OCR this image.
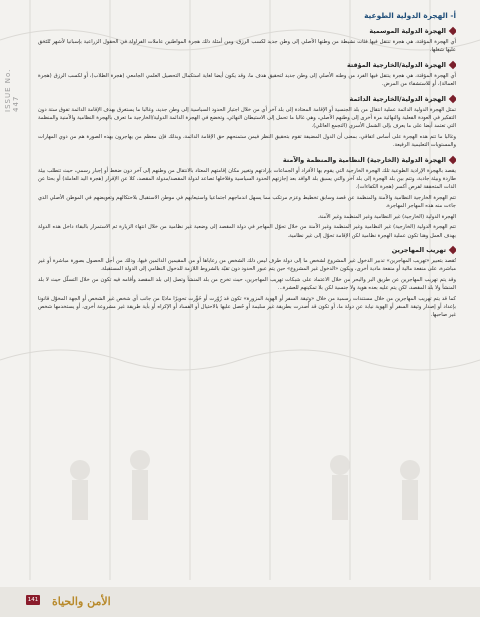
ISSUE No. 447
أ- الهجرة الدولية الطوعية
الهجرة الدولية الموسمية

أي الهجرة المؤقتة، هي هجرة تنتقل فيها فئات نشيطة من وطنها الأصلي إلى وطن جديد لكسب الرزق، ومن أمثلة ذلك هجرة المواطنين عاملات الفراولة في الحقول الزراعية بإسبانيا لأشهر تُلتَحَق عليها شغلها.

الهجرة الدولية/الخارجية المؤقتة

أي الهجرة المؤقتة، هي هجرة ينتقل فيها الفرد من وطنه الأصلي إلى وطن جديد لتحقيق هدف ما، وقد يكون أيضا لغاية استكمال التحصيل العلمي الجامعي (هجرة الطلاب)، أو لكسب الرزق (هجرة العمالة)، أو للاستشفاء من المرض.

الهجرة الدولية/الخارجية الدائمة

تمثل الهجرة الدولية الدائمة عملية انتقال من بلد الجنسية أو الإقامة المعتادة إلى بلد آخر أي من خلال اجتياز الحدود السياسية إلى وطن جديد، وغالبا ما يستغرق بهدف الإقامة الدائمة تفوق ستة دون التفكير في العودة الفعلية والنهائية مرة أخرى إلى وطنهم الأصلي، وهي غالبا ما تحمل إلى الاستيطان النهائي، وتخضع في الهجرة الدائمة الدولية/الخارجية ما تعرف بالهجرة النظامية والأمنية والمنظمة التي تعتمد أيضا على ما يعرف بإلى الشمل الأسري (التجمع العائلي).

وغالبا ما تتم هذه الهجرة على أساس اتفاقي، بمعنى أن الدول المضيفة تقوم بتحقيق النظر فيمن ستمنحهم حق الإقامة الدائمة، وبذلك فإن معظم من يهاجرون بهذه الصورة هم من ذوي المهارات والمستويات التعليمية الرفيعة.

الهجرة الدولية (الخارجية) النظامية والمنظمة والآمنة

يقصد بالهجرة الإرادية الطوعية تلك الهجرة الخارجية التي يقوم بها الأفراد أو الجماعات بإرادتهم وتغيير مكان إقامتهم المعتاد بالانتقال من وطنهم إلى آخر دون ضغط أو إجبار رسمي، حيث تتطلب بيئة طاردة وبيئة جاذبة، وتتم بين بلد الهجرة إلى بلد آخر والتي يسبق بلد الوافد بعد إجازتهم الحدود السياسية وفلاخلها تصاعد لدولة المقصد/مدولة المقصد، كلا عن الإقرار (هجرة اليد العاملة) أو بحثا عن الذات المتحققة لفرص أكسر (هجرة الكفاءات).

تتم الهجرة الخارجية النظامية والآمنة والمنظمة عن قصد وسابق تخطيط وعزم مرتكب مما يسهل اندماجهم اجتماعيا واستيعابهم في موطن الاستقبال بلاحتكالهم وتعويضهم في الموطن الأصلي الذي جاءت منه هذه المهاجر المهاجرة.

الهجرة الدولية (الخارجية) غير النظامية وغير المنظمة وغير الآمنة.

تتم الهجرة الدولية (الخارجية) غير النظامية وغير المنظمة وغير الآمنة من خلال تحوّل المهاجر في دولة المقصد إلى وضعية غير نظامية من خلال انتهاء الزيارة ثم الاستمرار بالبقاء داخل هذه الدولة بهدف العمل وهنا تكون عملية الهجرة نظامية لكن الإقامة تحوّل إلى غير نظامية.

تهريب المهاجرين

تُقصد بتعبير «تهريب المهاجرين» تدبير الدخول غير المشروع لشخص ما إلى دولة طرف ليس ذلك الشخص من رعاياها أو من المقيمين الدائمين فيها، وذلك من أجل الحصول بصورة مباشرة أو غير مباشرة، على منفعة مالية أو منفعة مادية أخرى، ويكون «الدخول غير المشروع» حين يتم عبور الحدود دون تقيّد بالشروط اللازمة للدخول النظامي إلى الدولة المستقبلة.

وقد يتم تهريب المهاجرين عن طريق البر والبحر من خلال الاعتماد على شبكات تهريب المهاجرين، حيث تخرج من بلد المنشأ وتصل إلى بلد المقصد وأقامه فيه تكون من خلال التسلّل حيث لا بلد المنشأ ولا بلد المقصد، لكن يتم عليه بعده هوية ولا جنسية لكن بلا تمكينهم للعشرة...

كما قد يتم تهريب المهاجرين من خلال مستندات رسمية من خلال «وثيقة السفر أو الهوية المزورة» تكون قد زُوّرت أو حُوِّرت تحويرًا ماديًا من جانب أي شخص غير الشخص أو الجهة المخوّل قانونا بإعداد أو إصدار وثيقة السفر أو الهوية نيابة عن دولة ما، أو تكون قد أُصدرت بطريقة غير سليمة أو حُصل عليها بالاحتيال أو الفساد أو الإكراه أو بأية طريقة غير مشروعة أخرى، أو يستخدمها شخص غير صاحبها.

141 الأمن والحياة
